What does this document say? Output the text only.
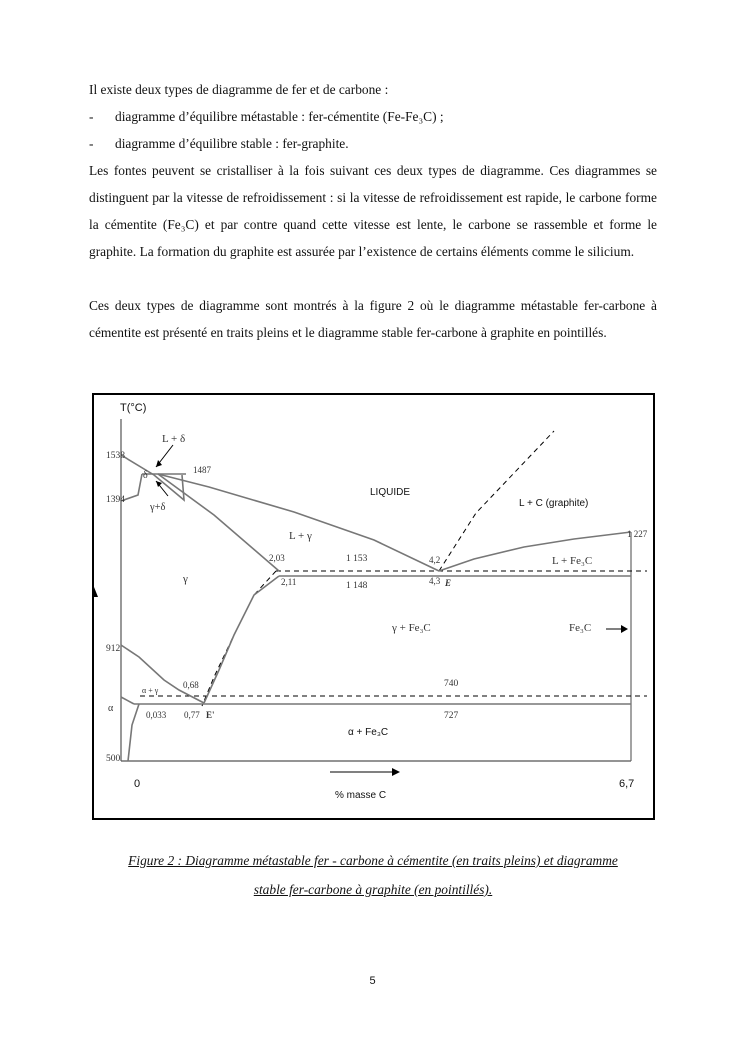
Il existe deux types de diagramme de fer et de carbone :
- diagramme d’équilibre métastable : fer-cémentite (Fe-Fe₃C) ;
- diagramme d’équilibre stable : fer-graphite.
Les fontes peuvent se cristalliser à la fois suivant ces deux types de diagramme. Ces diagrammes se distinguent par la vitesse de refroidissement : si la vitesse de refroidissement est rapide, le carbone forme la cémentite (Fe₃C) et par contre quand cette vitesse est lente, le carbone se rassemble et forme le graphite. La formation du graphite est assurée par l’existence de certains éléments comme le silicium.
Ces deux types de diagramme sont montrés à la figure 2 où le diagramme métastable fer-carbone à cémentite est présenté en traits pleins et le diagramme stable fer-carbone à graphite en pointillés.
T(°C)
1538
1394
912
α
500
0	6,7
% masse C
L + δ
δ	1487
γ+δ
LIQUIDE
L + C (graphite)
1 227
L + γ
2,03	1 153	4,2	L + Fe₃C
2,11	1 148	4,3 E
γ
γ + Fe₃C	Fe₃C
0,68	740
α + γ
0,033 0,77 E'	727
α + Fe₃C
Figure 2 : Diagramme métastable fer - carbone à cémentite (en traits pleins) et diagramme
stable fer-carbone à graphite (en pointillés).
5
